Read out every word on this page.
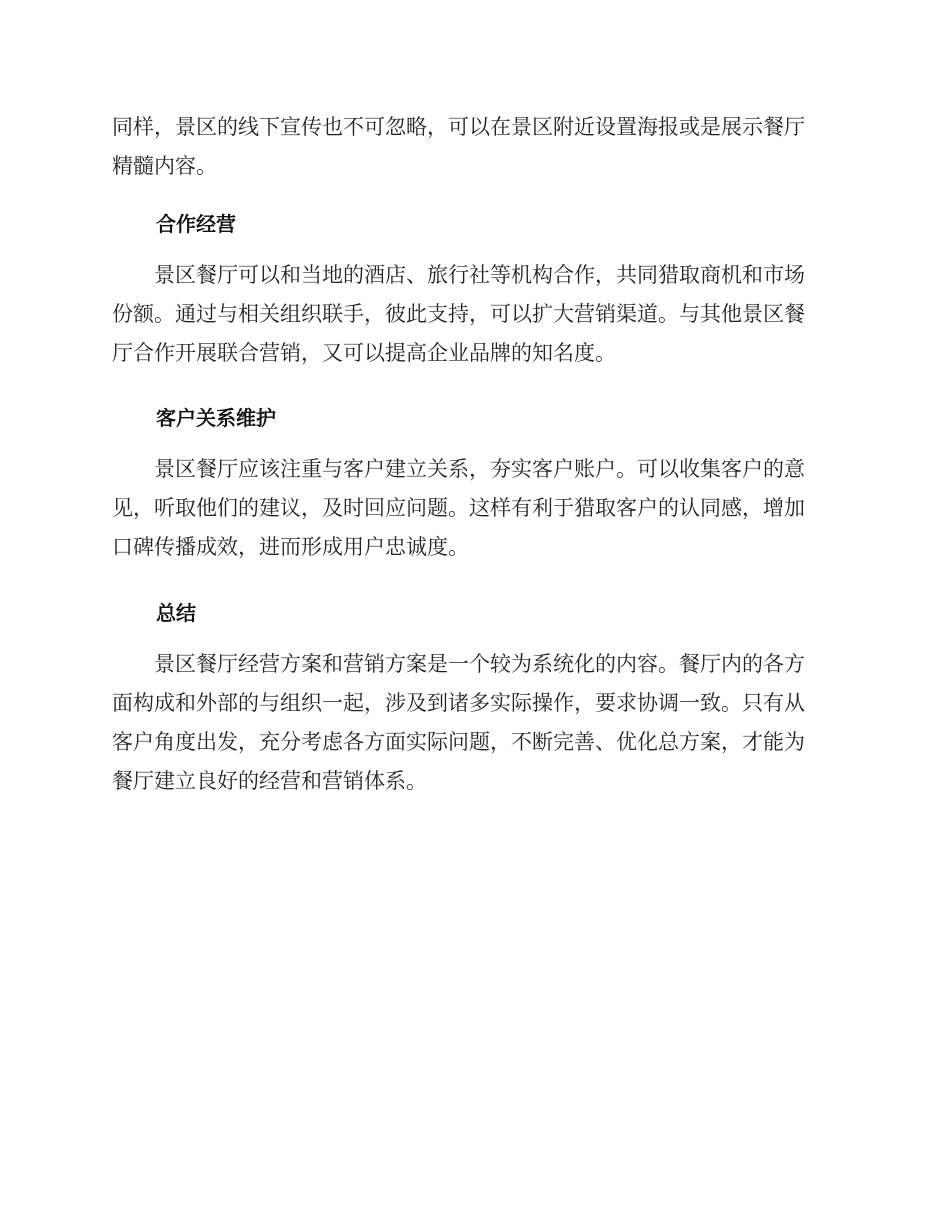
同样，景区的线下宣传也不可忽略，可以在景区附近设置海报或是展示餐厅
精髓内容。
合作经营
　　景区餐厅可以和当地的酒店、旅行社等机构合作，共同猎取商机和市场
份额。通过与相关组织联手，彼此支持，可以扩大营销渠道。与其他景区餐
厅合作开展联合营销，又可以提高企业品牌的知名度。
客户关系维护
　　景区餐厅应该注重与客户建立关系，夯实客户账户。可以收集客户的意
见，听取他们的建议，及时回应问题。这样有利于猎取客户的认同感，增加
口碑传播成效，进而形成用户忠诚度。
总结
　　景区餐厅经营方案和营销方案是一个较为系统化的内容。餐厅内的各方
面构成和外部的与组织一起，涉及到诸多实际操作，要求协调一致。只有从
客户角度出发，充分考虑各方面实际问题，不断完善、优化总方案，才能为
餐厅建立良好的经营和营销体系。
